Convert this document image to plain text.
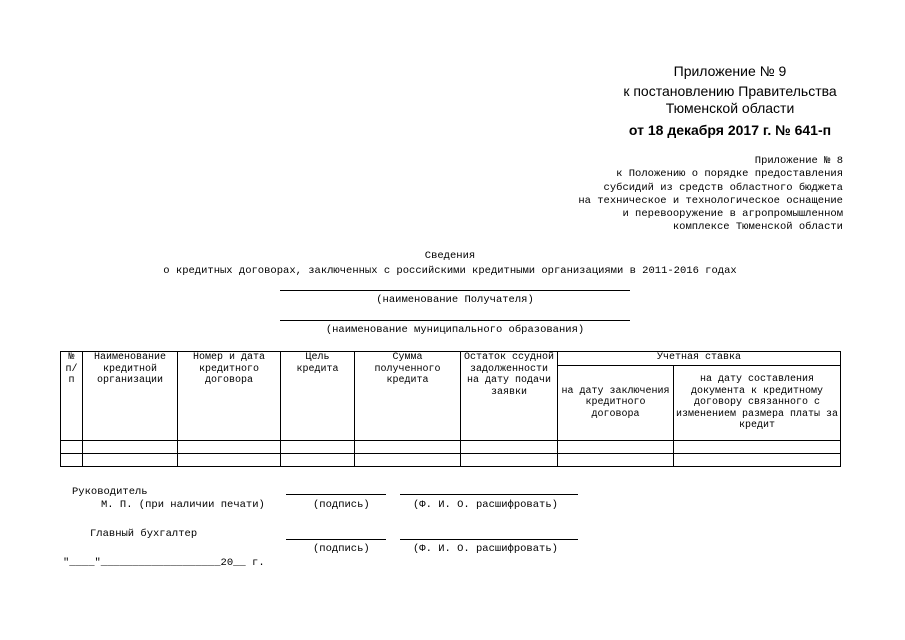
Приложение № 9
к постановлению Правительства
Тюменской области
от 18 декабря 2017 г. № 641-п
Приложение № 8
к Положению о порядке предоставления
субсидий из средств областного бюджета
на техническое и технологическое оснащение
и перевооружение в агропромышленном
комплексе Тюменской области
Сведения
о кредитных договорах, заключенных с российскими кредитными организациями в 2011-2016 годах
(наименование Получателя)
(наименование муниципального образования)
№ п/ п	Наименование кредитной организации	Номер и дата кредитного договора	Цель кредита	Сумма полученного кредита	Остаток ссудной задолженности на дату подачи заявки	Учетная ставка	
						на дату заключения кредитного договора	на дату составления документа к кредитному договору связанного с изменением размера платы за кредит

Руководитель
М. П. (при наличии печати)	(подпись)	(Ф. И. О. расшифровать)
Главный бухгалтер
(подпись)	(Ф. И. О. расшифровать)
"____"___________________20__ г.
